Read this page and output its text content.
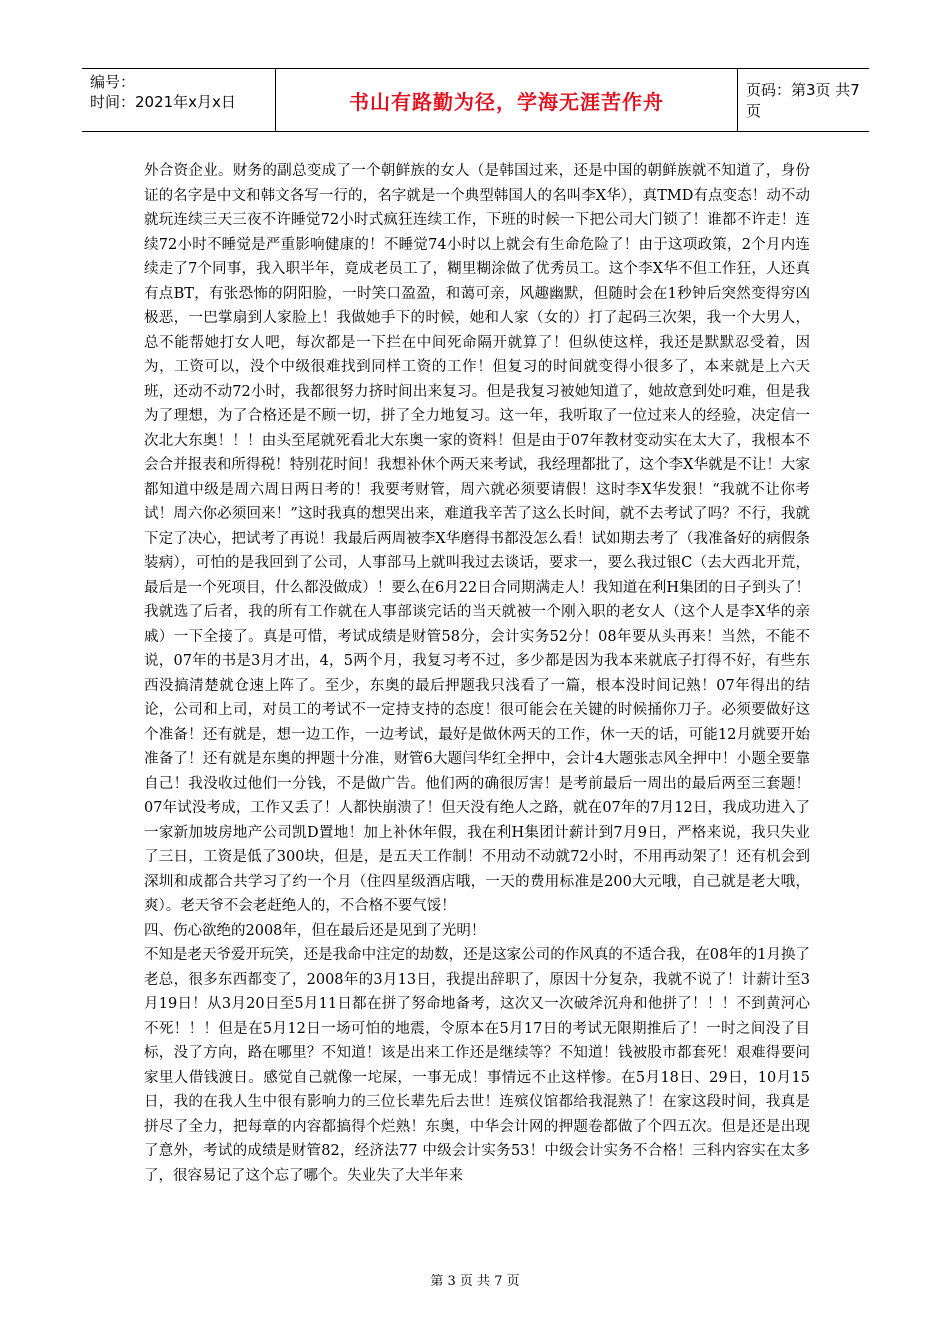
编号：
时间：2021年x月x日	书山有路勤为径，学海无涯苦作舟	页码：第3页 共7页

外合资企业。财务的副总变成了一个朝鲜族的女人（是韩国过来，还是中国的朝鲜族就不知道了，身份证的名字是中文和韩文各写一行的，名字就是一个典型韩国人的名叫李X华），真TMD有点变态！动不动就玩连续三天三夜不许睡觉72小时式疯狂连续工作，下班的时候一下把公司大门锁了！谁都不许走！连续72小时不睡觉是严重影响健康的！不睡觉74小时以上就会有生命危险了！由于这项政策，2个月内连续走了7个同事，我入职半年，竟成老员工了，糊里糊涂做了优秀员工。这个李X华不但工作狂，人还真有点BT，有张恐怖的阴阳脸，一时笑口盈盈，和蔼可亲，风趣幽默，但随时会在1秒钟后突然变得穷凶极恶，一巴掌扇到人家脸上！我做她手下的时候，她和人家（女的）打了起码三次架，我一个大男人，总不能帮她打女人吧，每次都是一下拦在中间死命隔开就算了！但纵使这样，我还是默默忍受着，因为，工资可以，没个中级很难找到同样工资的工作！但复习的时间就变得小很多了，本来就是上六天班，还动不动72小时，我都很努力挤时间出来复习。但是我复习被她知道了，她故意到处叼难，但是我为了理想，为了合格还是不顾一切，拼了全力地复习。这一年，我听取了一位过来人的经验，决定信一次北大东奥！！！由头至尾就死看北大东奥一家的资料！但是由于07年教材变动实在太大了，我根本不会合并报表和所得税！特别花时间！我想补休个两天来考试，我经理都批了，这个李X华就是不让！大家都知道中级是周六周日两日考的！我要考财管，周六就必须要请假！这时李X华发狠！“我就不让你考试！周六你必须回来！”这时我真的想哭出来，难道我辛苦了这么长时间，就不去考试了吗？不行，我就下定了决心，把试考了再说！我最后两周被李X华磨得书都没怎么看！试如期去考了（我准备好的病假条装病），可怕的是我回到了公司，人事部马上就叫我过去谈话，要求一，要么我过银C（去大西北开荒，最后是一个死项目，什么都没做成）！要么在6月22日合同期满走人！我知道在利H集团的日子到头了！我就选了后者，我的所有工作就在人事部谈完话的当天就被一个刚入职的老女人（这个人是李X华的亲戚）一下全接了。真是可惜，考试成绩是财管58分，会计实务52分！08年要从头再来！当然，不能不说，07年的书是3月才出，4，5两个月，我复习考不过，多少都是因为我本来就底子打得不好，有些东西没搞清楚就仓速上阵了。至少，东奥的最后押题我只浅看了一篇，根本没时间记熟！07年得出的结论，公司和上司，对员工的考试不一定持支持的态度！很可能会在关键的时候捅你刀子。必须要做好这个准备！还有就是，想一边工作，一边考试，最好是做休两天的工作，休一天的话，可能12月就要开始准备了！还有就是东奥的押题十分准，财管6大题闫华红全押中，会计4大题张志风全押中！小题全要靠自己！我没收过他们一分钱，不是做广告。他们两的确很厉害！是考前最后一周出的最后两至三套题！07年试没考成，工作又丢了！人都快崩溃了！但天没有绝人之路，就在07年的7月12日，我成功进入了一家新加坡房地产公司凯D置地！加上补休年假，我在利H集团计薪计到7月9日，严格来说，我只失业了三日，工资是低了300块，但是，是五天工作制！不用动不动就72小时，不用再动架了！还有机会到深圳和成都合共学习了约一个月（住四星级酒店哦，一天的费用标准是200大元哦，自己就是老大哦，爽）。老天爷不会老赶绝人的，不合格不要气馁！

四、伤心欲绝的2008年，但在最后还是见到了光明！

不知是老天爷爱开玩笑，还是我命中注定的劫数，还是这家公司的作风真的不适合我，在08年的1月换了老总，很多东西都变了，2008年的3月13日，我提出辞职了，原因十分复杂，我就不说了！计薪计至3月19日！从3月20日至5月11日都在拼了努命地备考，这次又一次破斧沉舟和他拼了！！！不到黄河心不死！！！但是在5月12日一场可怕的地震，令原本在5月17日的考试无限期推后了！一时之间没了目标，没了方向，路在哪里？不知道！该是出来工作还是继续等？不知道！钱被股市都套死！艰难得要问家里人借钱渡日。感觉自己就像一坨屎，一事无成！事情远不止这样惨。在5月18日、29日，10月15日，我的在我人生中很有影响力的三位长辈先后去世！连殡仪馆都给我混熟了！在家这段时间，我真是拼尽了全力，把每章的内容都搞得个烂熟！东奥，中华会计网的押题卷都做了个四五次。但是还是出现了意外，考试的成绩是财管82，经济法77 中级会计实务53！中级会计实务不合格！三科内容实在太多了，很容易记了这个忘了哪个。失业失了大半年来

第 3 页 共 7 页
